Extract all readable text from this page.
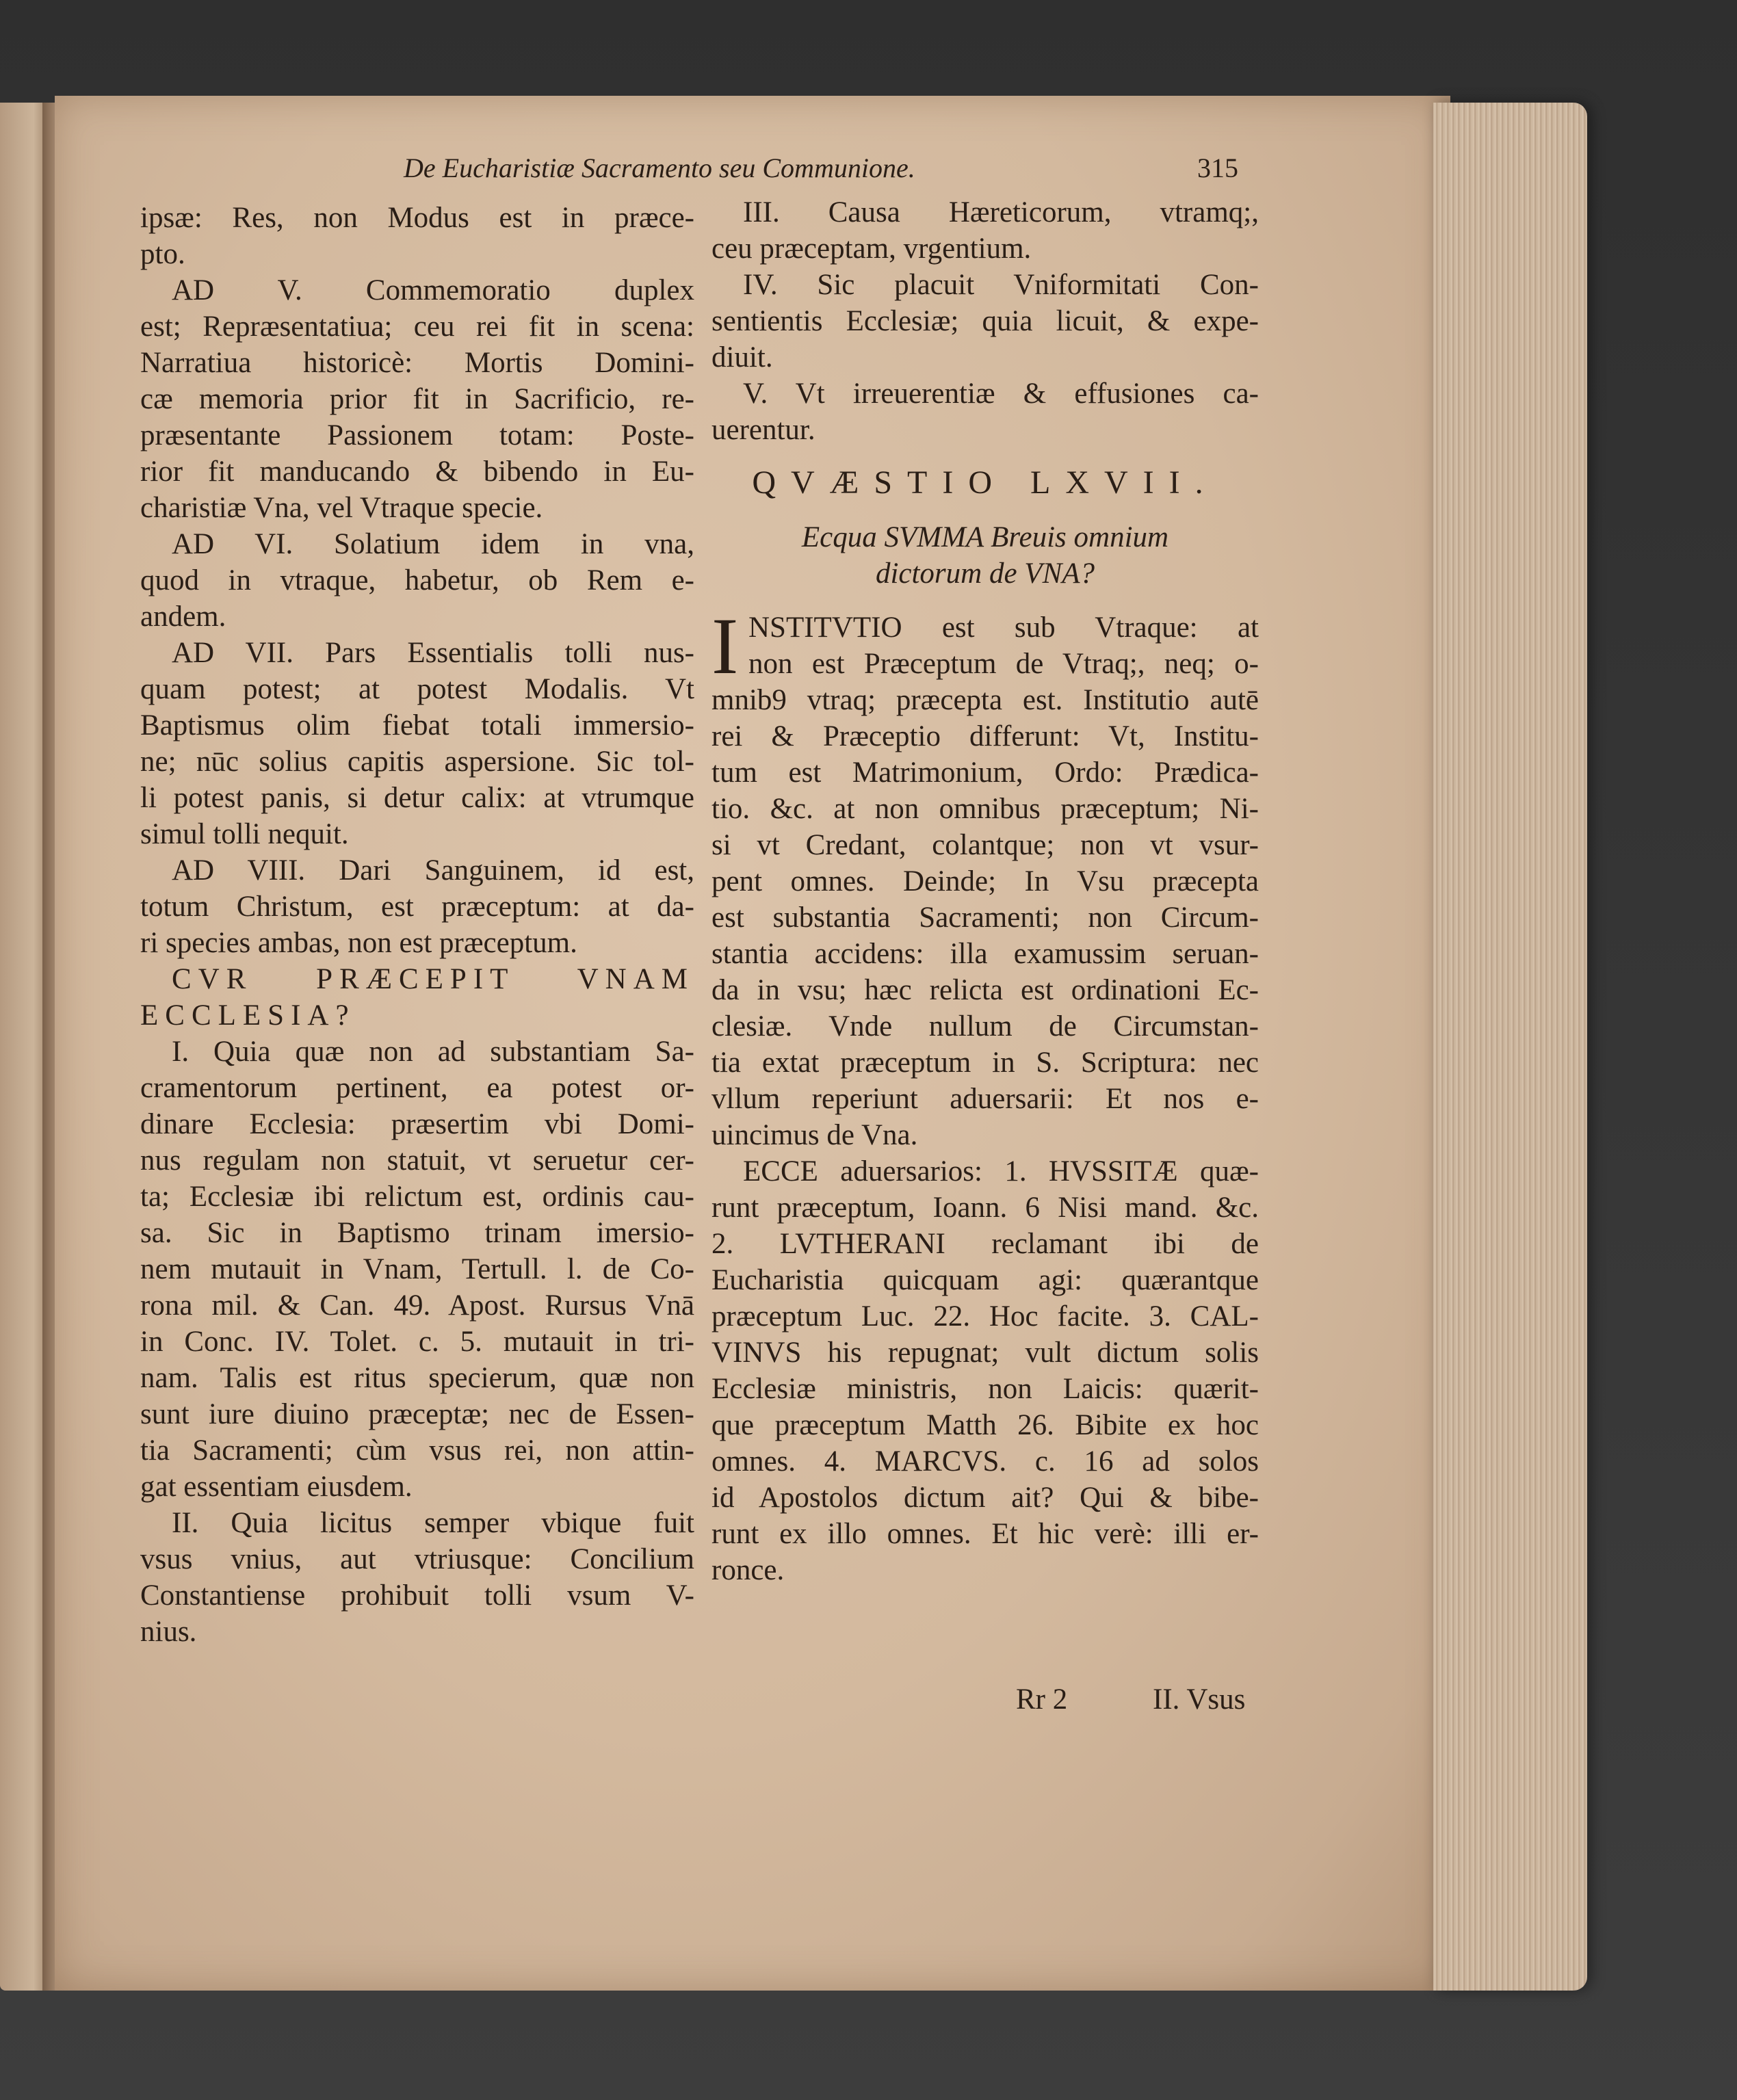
De Eucharistiæ Sacramento seu Communione.	315
ipsæ: Res, non Modus est in præce-
pto.
AD V. Commemoratio duplex
est; Repræsentatiua; ceu rei fit in scena:
Narratiua historicè: Mortis Domini-
cæ memoria prior fit in Sacrificio, re-
præsentante Passionem totam: Poste-
rior fit manducando & bibendo in Eu-
charistiæ Vna, vel Vtraque specie.
AD VI. Solatium idem in vna,
quod in vtraque, habetur, ob Rem e-
andem.
AD VII. Pars Essentialis tolli nus-
quam potest; at potest Modalis. Vt
Baptismus olim fiebat totali immersio-
ne; nūc solius capitis aspersione. Sic tol-
li potest panis, si detur calix: at vtrumque
simul tolli nequit.
AD VIII. Dari Sanguinem, id est,
totum Christum, est præceptum: at da-
ri species ambas, non est præceptum.
CVR PRÆCEPIT VNAM
ECCLESIA?
I. Quia quæ non ad substantiam Sa-
cramentorum pertinent, ea potest or-
dinare Ecclesia: præsertim vbi Domi-
nus regulam non statuit, vt seruetur cer-
ta; Ecclesiæ ibi relictum est, ordinis cau-
sa. Sic in Baptismo trinam imersio-
nem mutauit in Vnam, Tertull. l. de Co-
rona mil. & Can. 49. Apost. Rursus Vnā
in Conc. IV. Tolet. c. 5. mutauit in tri-
nam. Talis est ritus specierum, quæ non
sunt iure diuino præceptæ; nec de Essen-
tia Sacramenti; cùm vsus rei, non attin-
gat essentiam eiusdem.
II. Quia licitus semper vbique fuit
vsus vnius, aut vtriusque: Concilium
Constantiense prohibuit tolli vsum V-
nius.
III. Causa Hæreticorum, vtramq;,
ceu præceptam, vrgentium.
IV. Sic placuit Vniformitati Con-
sentientis Ecclesiæ; quia licuit, & expe-
diuit.
V. Vt irreuerentiæ & effusiones ca-
uerentur.
QVÆSTIO LXVII.
Ecqua SVMMA Breuis omnium
dictorum de VNA?
I NSTITVTIO est sub Vtraque: at
non est Præceptum de Vtraq;, neq; o-
mnib9 vtraq; præcepta est. Institutio autē
rei & Præceptio differunt: Vt, Institu-
tum est Matrimonium, Ordo: Prædica-
tio. &c. at non omnibus præceptum; Ni-
si vt Credant, colantque; non vt vsur-
pent omnes. Deinde; In Vsu præcepta
est substantia Sacramenti; non Circum-
stantia accidens: illa examussim seruan-
da in vsu; hæc relicta est ordinationi Ec-
clesiæ. Vnde nullum de Circumstan-
tia extat præceptum in S. Scriptura: nec
vllum reperiunt aduersarii: Et nos e-
uincimus de Vna.
ECCE aduersarios: 1. HVSSITÆ quæ-
runt præceptum, Ioann. 6 Nisi mand. &c.
2. LVTHERANI reclamant ibi de
Eucharistia quicquam agi: quærantque
præceptum Luc. 22. Hoc facite. 3. CAL-
VINVS his repugnat; vult dictum solis
Ecclesiæ ministris, non Laicis: quærit-
que præceptum Matth 26. Bibite ex hoc
omnes. 4. MARCVS. c. 16 ad solos
id Apostolos dictum ait? Qui & bibe-
runt ex illo omnes. Et hic verè: illi er-
ronce.
Rr 2	II. Vsus
